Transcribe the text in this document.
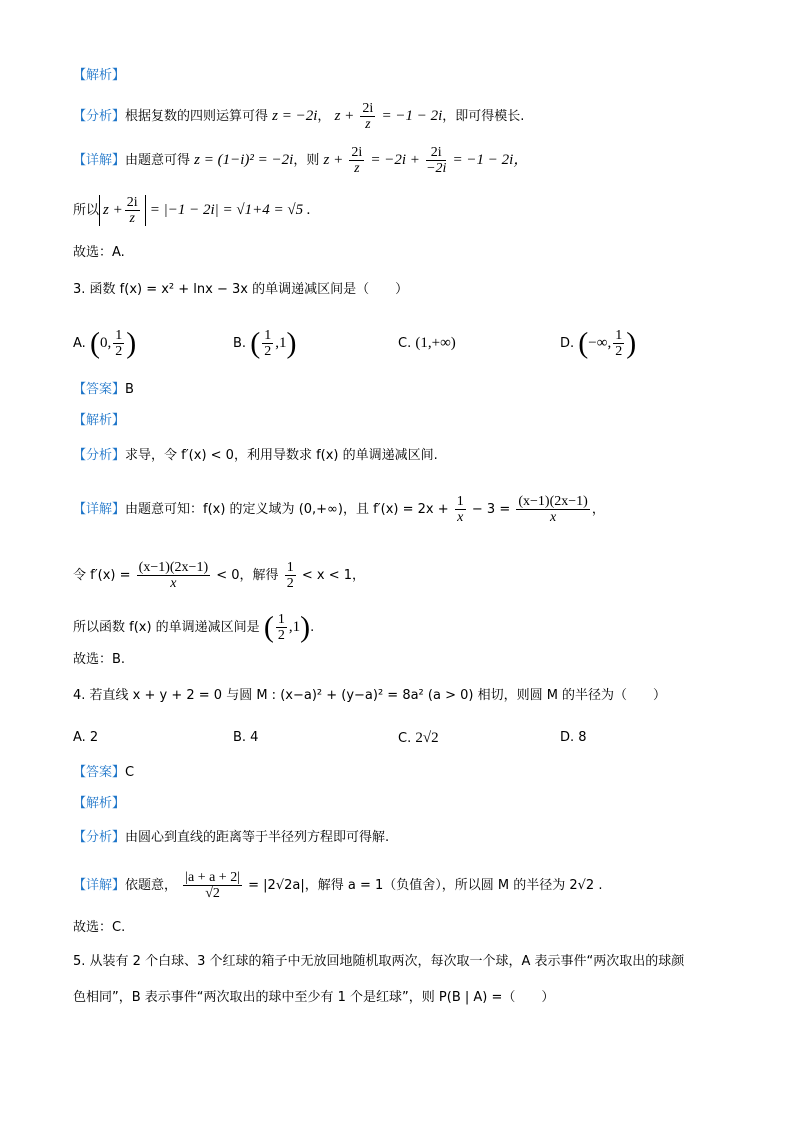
【解析】
【分析】根据复数的四则运算可得 z = −2i， $z + \frac{2i}{z} = -1 - 2i$，即可得模长.
【详解】由题意可得 z = (1−i)² = −2i，则 $z + \frac{2i}{z} = -2i + \frac{2i}{-2i} = -1 - 2i$，
所以 $z + \frac{2i}{z} = |-1 - 2i| = √1+4 = √5$ .
故选：A.
3. 函数 f(x) = x² + lnx − 3x 的单调递减区间是（　　）
A. (0, $\frac{1}{2}$ )	B. ( $\frac{1}{2} ,1$)	C. (1,+∞)	D. (−∞, $\frac{1}{2}$ )
【答案】B
【解析】
【分析】求导，令 f′(x) < 0，利用导数求 f(x) 的单调递减区间.
【详解】由题意可知：f(x) 的定义域为 (0,+∞)，且 $f'(x) = 2x + \frac{1}{x} - 3 = \frac{(x-1)(2x-1)}{x}$ ，
令 $f'(x) = \frac{(x-1)(2x-1)}{x} < 0$，解得 $\frac{1}{2} < x < 1$，
所以函数 f(x) 的单调递减区间是 ( $\frac{1}{2} ,1$).
故选：B.
4. 若直线 x + y + 2 = 0 与圆 M : (x−a)² + (y−a)² = 8a² (a > 0) 相切，则圆 M 的半径为（　　）
A. 2	B. 4	C. 2√2	D. 8
【答案】C
【解析】
【分析】由圆心到直线的距离等于半径列方程即可得解.
【详解】依题意， $\frac{|a + a + 2|}{√2} = |2√2a|$，解得 a = 1（负值舍），所以圆 M 的半径为 2√2 .
故选：C.
5. 从装有 2 个白球、3 个红球的箱子中无放回地随机取两次，每次取一个球，A 表示事件“两次取出的球颜
色相同”，B 表示事件“两次取出的球中至少有 1 个是红球”，则 P(B | A) =（　　）
